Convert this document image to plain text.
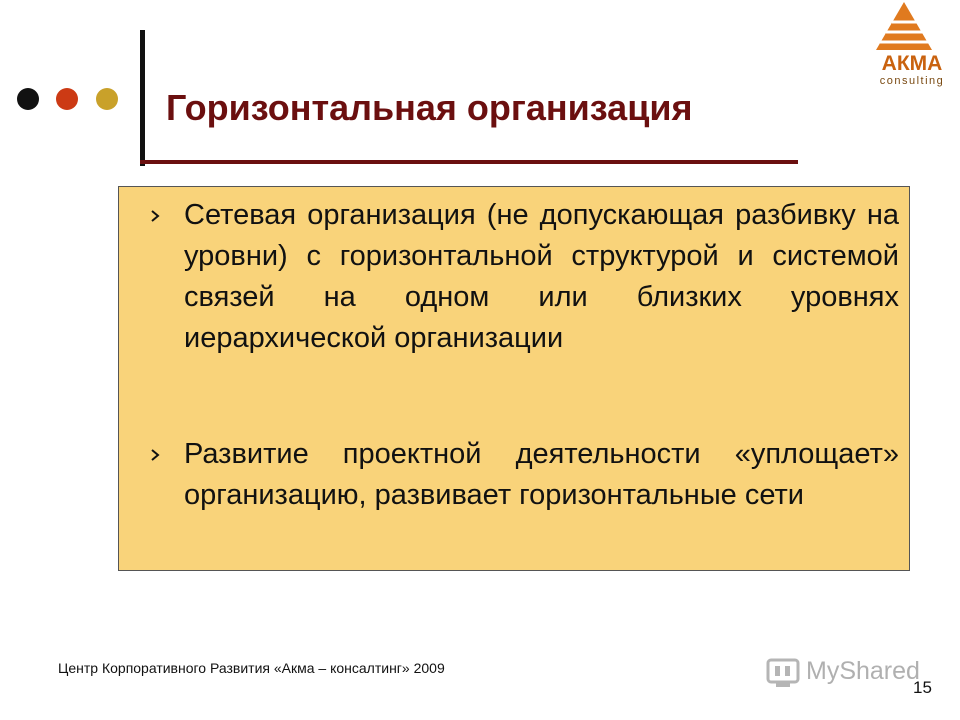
Горизонтальная организация
АКМА
consulting
Сетевая организация (не допускающая разбивку на уровни) с горизонтальной структурой и системой связей на одном или близких уровнях иерархической организации
Развитие проектной деятельности «уплощает» организацию, развивает горизонтальные сети
Центр Корпоративного Развития «Акма – консалтинг» 2009	MyShared
15
